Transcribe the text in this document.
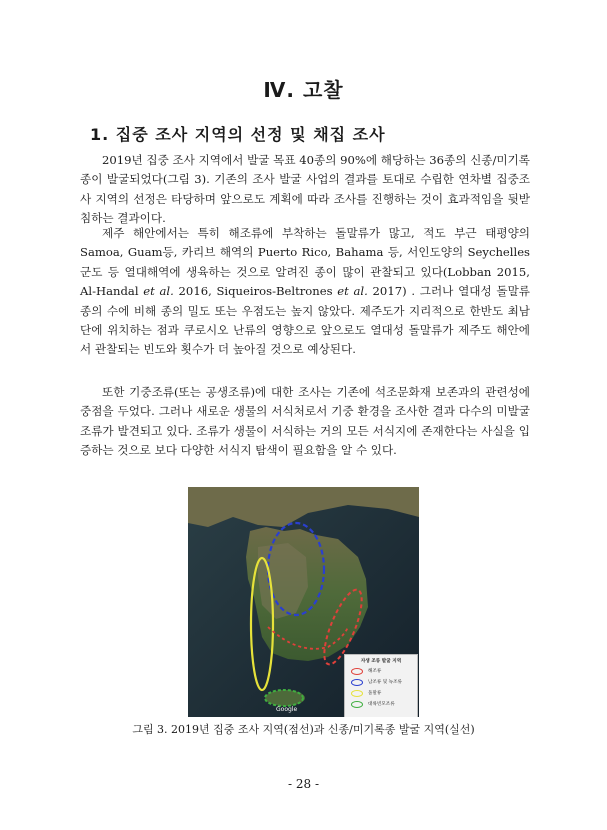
Ⅳ. 고찰
1. 집중 조사 지역의 선정 및 채집 조사

2019년 집중 조사 지역에서 발굴 목표 40종의 90%에 해당하는 36종의 신종/미기록종이 발굴되었다(그림 3). 기존의 조사 발굴 사업의 결과를 토대로 수립한 연차별 집중조사 지역의 선정은 타당하며 앞으로도 계획에 따라 조사를 진행하는 것이 효과적임을 뒷받침하는 결과이다.

제주 해안에서는 특히 해조류에 부착하는 돌말류가 많고, 적도 부근 태평양의 Samoa, Guam등, 카리브 해역의 Puerto Rico, Bahama 등, 서인도양의 Seychelles 군도 등 열대해역에 생육하는 것으로 알려진 종이 많이 관찰되고 있다(Lobban 2015, Al-Handal et al. 2016, Siqueiros-Beltrones et al. 2017) . 그러나 열대성 돌말류 종의 수에 비해 종의 밀도 또는 우점도는 높지 않았다. 제주도가 지리적으로 한반도 최남단에 위치하는 점과 쿠로시오 난류의 영향으로 앞으로도 열대성 돌말류가 제주도 해안에서 관찰되는 빈도와 횟수가 더 높아질 것으로 예상된다.

또한 기중조류(또는 공생조류)에 대한 조사는 기존에 석조문화재 보존과의 관련성에 중점을 두었다. 그러나 새로운 생물의 서식처로서 기중 환경을 조사한 결과 다수의 미발굴 조류가 발견되고 있다. 조류가 생물이 서식하는 거의 모든 서식지에 존재한다는 사실을 입증하는 것으로 보다 다양한 서식지 탐색이 필요함을 알 수 있다.

Google
자생 조류 발굴 지역
해조류
남조류 및 녹조류
돌말류
대륙빈모조류
그림 3. 2019년 집중 조사 지역(점선)과 신종/미기록종 발굴 지역(실선)
- 28 -
